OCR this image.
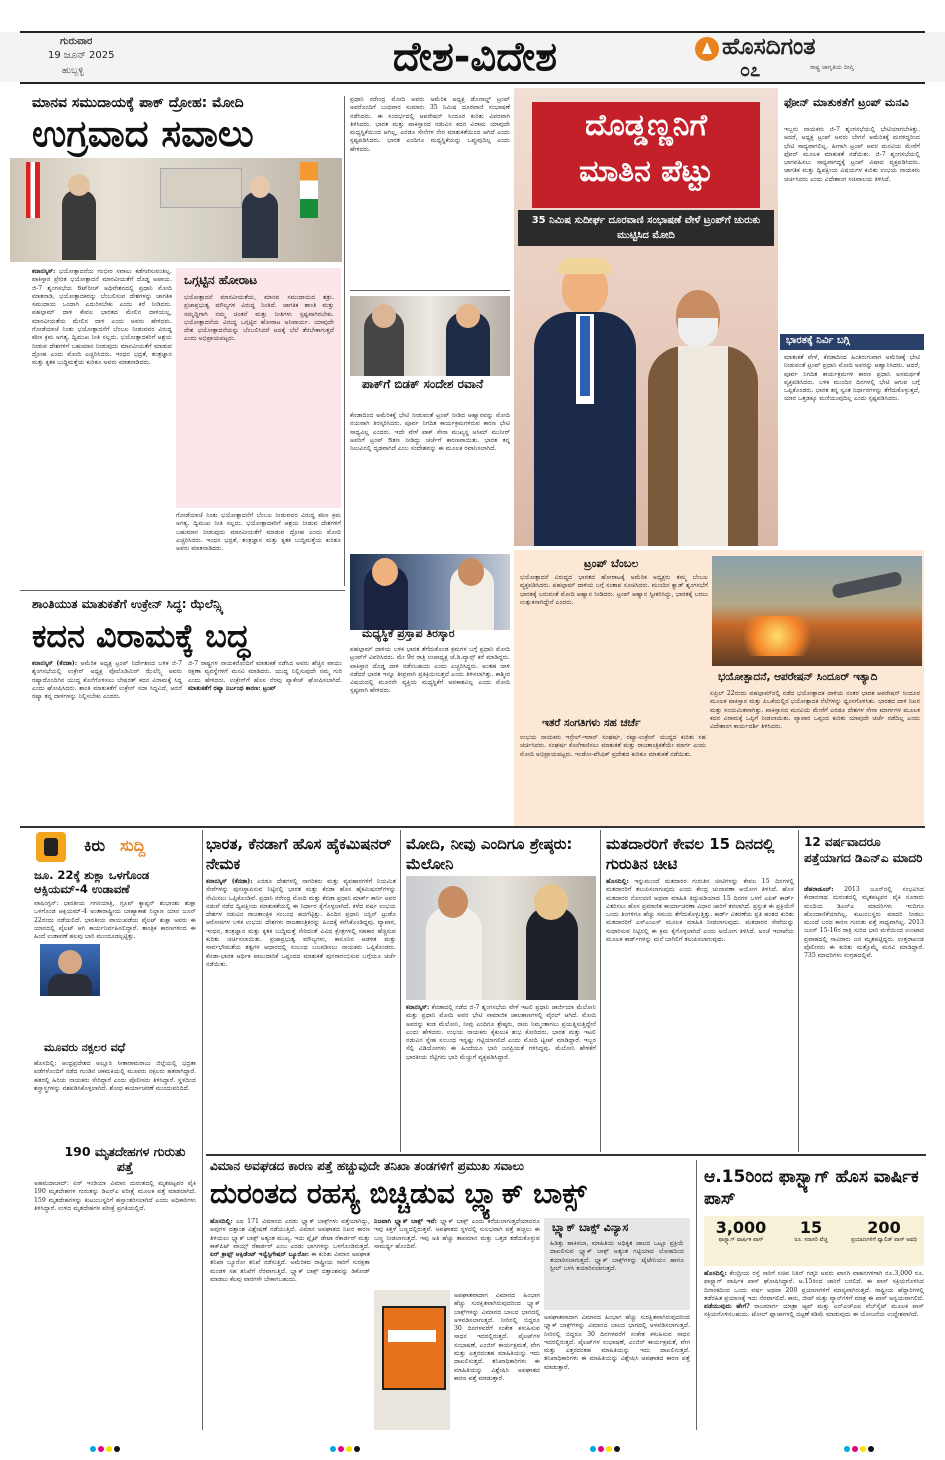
ಗುರುವಾರ
19 ಜೂನ್ 2025
ಹುಬ್ಬಳ್ಳಿ	ದೇಶ-ವಿದೇಶ	ಹೊಸದಿಗಂತ
ರಾಷ್ಟ್ರ ಜಾಗೃತಿಯ ದೀಪ್ತಿ
೦೭
ಮಾನವ ಸಮುದಾಯಕ್ಕೆ ಪಾಕ್ ದ್ರೋಹ: ಮೋದಿ
ಉಗ್ರವಾದ ಸವಾಲು
ಕನಾನಸ್ಕಿಸ್: ಭಯೋತ್ಪಾದನೆಯ ಗಂಭೀರ ಸವಾಲು ಕಡೆಗಣಿಸುವಂತಿಲ್ಲ. ಪಾಕಿಸ್ತಾನ ಪ್ರೇರಿತ ಭಯೋತ್ಪಾದನೆ ಮಾನವೀಯತೆಗೆ ದೊಡ್ಡ ಅಪಾಯ. ಜಿ-7 ಶೃಂಗಸಭೆಯ ಔಟ್‌ರೀಚ್ ಅಧಿವೇಶನದಲ್ಲಿ ಪ್ರಧಾನಿ ಮೋದಿ ಮಾತನಾಡಿ, ಭಯೋತ್ಪಾದಕರನ್ನು ಬೆಂಬಲಿಸುವ ದೇಶಗಳನ್ನು ಜಾಗತಿಕ ಸಮುದಾಯ ಒಂದಾಗಿ ಎದುರಿಸಬೇಕು ಎಂದು ಕರೆ ನೀಡಿದರು. ಪಹಲ್ಗಾಮ್ ದಾಳಿ ಕೇವಲ ಭಾರತದ ಮೇಲಿನ ದಾಳಿಯಲ್ಲ, ಮಾನವೀಯತೆಯ ಮೇಲಿನ ದಾಳಿ ಎಂದು ಅವರು ಹೇಳಿದರು. ಗೋಡೆಯಾಚೆ ನಿಂತು ಭಯೋತ್ಪಾದನೆಗೆ ಬೆಂಬಲ ನೀಡುವವರ ವಿರುದ್ಧ ಕಠಿಣ ಕ್ರಮ ಅಗತ್ಯ. ದ್ವಿಮುಖ ನೀತಿ ಸಲ್ಲದು. ಭಯೋತ್ಪಾದಕರಿಗೆ ಆಶ್ರಯ ನೀಡುವ ದೇಶಗಳಿಗೆ ಬಹುಮಾನ ನೀಡುವುದು ಮಾನವೀಯತೆಗೆ ಮಾಡುವ ದ್ರೋಹ ಎಂದು ಮೋದಿ ಎಚ್ಚರಿಸಿದರು. ಇಂಧನ ಭದ್ರತೆ, ತಂತ್ರಜ್ಞಾನ ಮತ್ತು ಕೃತಕ ಬುದ್ಧಿಮತ್ತೆಯ ಕುರಿತೂ ಅವರು ಮಾತನಾಡಿದರು.
ಒಗ್ಗಟ್ಟಿನ ಹೋರಾಟ
ಭಯೋತ್ಪಾದನೆ ಮಾನವೀಯತೆಯ, ಮಾನವ ಸಮುದಾಯದ ಶತ್ರು. ಪ್ರಜಾಪ್ರಭುತ್ವ ಮೌಲ್ಯಗಳ ವಿರುದ್ಧ ನಿಂತಿದೆ. ಜಾಗತಿಕ ಶಾಂತಿ ಮತ್ತು ಸಮೃದ್ಧಿಗಾಗಿ ನಮ್ಮ ಚಿಂತನೆ ಮತ್ತು ನೀತಿಗಳು ಸ್ಪಷ್ಟವಾಗಿರಬೇಕು. ಭಯೋತ್ಪಾದನೆಯ ವಿರುದ್ಧ ಒಗ್ಗಟ್ಟಿನ ಹೋರಾಟ ಅನಿವಾರ್ಯ. ಯಾವುದೇ ದೇಶ ಭಯೋತ್ಪಾದನೆಯನ್ನು ಬೆಂಬಲಿಸಿದರೆ ಅದಕ್ಕೆ ಬೆಲೆ ತೆರಬೇಕಾಗುತ್ತದೆ ಎಂದು ಅಭಿಪ್ರಾಯಪಟ್ಟರು.
ಗೋಡೆಯಾಚೆ ನಿಂತು ಭಯೋತ್ಪಾದನೆಗೆ ಬೆಂಬಲ ನೀಡುವವರ ವಿರುದ್ಧ ಕಠಿಣ ಕ್ರಮ ಅಗತ್ಯ. ದ್ವಿಮುಖ ನೀತಿ ಸಲ್ಲದು. ಭಯೋತ್ಪಾದಕರಿಗೆ ಆಶ್ರಯ ನೀಡುವ ದೇಶಗಳಿಗೆ ಬಹುಮಾನ ನೀಡುವುದು ಮಾನವೀಯತೆಗೆ ಮಾಡುವ ದ್ರೋಹ ಎಂದು ಮೋದಿ ಎಚ್ಚರಿಸಿದರು. ಇಂಧನ ಭದ್ರತೆ, ತಂತ್ರಜ್ಞಾನ ಮತ್ತು ಕೃತಕ ಬುದ್ಧಿಮತ್ತೆಯ ಕುರಿತೂ ಅವರು ಮಾತನಾಡಿದರು.
ಪ್ರಧಾನಿ ನರೇಂದ್ರ ಮೋದಿ ಅವರು ಅಮೆರಿಕ ಅಧ್ಯಕ್ಷ ಡೊನಾಲ್ಡ್ ಟ್ರಂಪ್ ಅವರೊಂದಿಗೆ ಬುಧವಾರ ಸುಮಾರು 35 ನಿಮಿಷ ದೂರವಾಣಿ ಸಂಭಾಷಣೆ ನಡೆಸಿದರು. ಈ ಸಂದರ್ಭದಲ್ಲಿ ಆಪರೇಷನ್ ಸಿಂದೂರ ಕುರಿತು ವಿವರವಾಗಿ ತಿಳಿಸಿದರು. ಭಾರತ ಮತ್ತು ಪಾಕಿಸ್ತಾನದ ನಡುವಿನ ಕದನ ವಿರಾಮ ಯಾವುದೇ ಮಧ್ಯಸ್ಥಿಕೆಯಿಂದ ಆಗಿಲ್ಲ, ಎರಡೂ ಸೇನೆಗಳ ನೇರ ಮಾತುಕತೆಯಿಂದ ಆಗಿದೆ ಎಂದು ಸ್ಪಷ್ಟಪಡಿಸಿದರು. ಭಾರತ ಎಂದಿಗೂ ಮಧ್ಯಸ್ಥಿಕೆಯನ್ನು ಒಪ್ಪುವುದಿಲ್ಲ ಎಂದು ಹೇಳಿದರು.
ಪಾಕ್‌ಗೆ ಬಿಡಕ್ ಸಂದೇಶ ರವಾನೆ
ಕೆನಡಾದಿಂದ ಅಮೆರಿಕಕ್ಕೆ ಭೇಟಿ ನೀಡುವಂತೆ ಟ್ರಂಪ್ ನೀಡಿದ ಆಹ್ವಾನವನ್ನು ಮೋದಿ ನಯವಾಗಿ ತಿರಸ್ಕರಿಸಿದರು. ಪೂರ್ವ ನಿಗದಿತ ಕಾರ್ಯಕ್ರಮಗಳಿರುವ ಕಾರಣ ಭೇಟಿ ಸಾಧ್ಯವಿಲ್ಲ ಎಂದರು. ಇದೇ ವೇಳೆ ಪಾಕ್ ಸೇನಾ ಮುಖ್ಯಸ್ಥ ಅಸಿಮ್ ಮುನೀರ್ ಅವರಿಗೆ ಟ್ರಂಪ್ ಔತಣ ನೀಡಿದ್ದು ಚರ್ಚೆಗೆ ಕಾರಣವಾಯಿತು. ಭಾರತ ತನ್ನ ನಿಲುವಿನಲ್ಲಿ ದೃಢವಾಗಿದೆ ಎಂಬ ಸಂದೇಶವನ್ನು ಈ ಮೂಲಕ ರವಾನಿಸಲಾಗಿದೆ.
ದೊಡ್ಡಣ್ಣನಿಗೆ
ಮಾತಿನ ಪೆಟ್ಟು
35 ನಿಮಿಷ ಸುದೀರ್ಘ ದೂರವಾಣಿ ಸಂಭಾಷಣೆ ವೇಳೆ ಟ್ರಂಪ್‌ಗೆ ಚುರುಕು ಮುಟ್ಟಿಸಿದ ಮೋದಿ
ಫೋನ್ ಮಾತುಕತೆಗೆ ಟ್ರಂಪ್ ಮನವಿ
ಇಬ್ಬರು ನಾಯಕರು ಜಿ-7 ಶೃಂಗಸಭೆಯಲ್ಲಿ ಭೇಟಿಯಾಗಬೇಕಿತ್ತು. ಆದರೆ, ಅಧ್ಯಕ್ಷ ಟ್ರಂಪ್ ಅವರು ಬೇಗನೆ ಅಮೆರಿಕಕ್ಕೆ ಮರಳಿದ್ದರಿಂದ ಭೇಟಿ ಸಾಧ್ಯವಾಗಲಿಲ್ಲ. ಹೀಗಾಗಿ ಟ್ರಂಪ್ ಅವರ ಮನವಿಯ ಮೇರೆಗೆ ಫೋನ್ ಮೂಲಕ ಮಾತುಕತೆ ನಡೆಯಿತು. ಜಿ-7 ಶೃಂಗಸಭೆಯಲ್ಲಿ ಭಾಗವಹಿಸಲು ಸಾಧ್ಯವಾಗದ್ದಕ್ಕೆ ಟ್ರಂಪ್ ವಿಷಾದ ವ್ಯಕ್ತಪಡಿಸಿದರು. ಜಾಗತಿಕ ಮತ್ತು ದ್ವಿಪಕ್ಷೀಯ ವಿಷಯಗಳ ಕುರಿತು ಉಭಯ ನಾಯಕರು ಚರ್ಚಿಸಿದರು ಎಂದು ವಿದೇಶಾಂಗ ಸಚಿವಾಲಯ ತಿಳಿಸಿದೆ.
ಭಾರತಕ್ಕೆ ನಿರ್ವಿ ಬಗ್ಗಿ
ಮಾತುಕತೆ ವೇಳೆ, ಕೆನಡಾದಿಂದ ಹಿಂತಿರುಗುವಾಗ ಅಮೆರಿಕಕ್ಕೆ ಭೇಟಿ ನೀಡುವಂತೆ ಟ್ರಂಪ್ ಪ್ರಧಾನಿ ಮೋದಿ ಅವರನ್ನು ಆಹ್ವಾನಿಸಿದರು. ಆದರೆ, ಪೂರ್ವ ನಿಗದಿತ ಕಾರ್ಯಕ್ರಮಗಳ ಕಾರಣ ಪ್ರಧಾನಿ ಅಸಮರ್ಥತೆ ವ್ಯಕ್ತಪಡಿಸಿದರು. ಬಳಿಕ ಮುಂದಿನ ದಿನಗಳಲ್ಲಿ ಭೇಟಿ ಆಗುವ ಬಗ್ಗೆ ಒಪ್ಪಿಕೊಂಡರು. ಭಾರತ ತನ್ನ ಸ್ವಂತ ನಿರ್ಧಾರಗಳನ್ನು ತೆಗೆದುಕೊಳ್ಳುತ್ತದೆ, ಯಾರ ಒತ್ತಡಕ್ಕೂ ಮಣಿಯುವುದಿಲ್ಲ ಎಂದು ಸ್ಪಷ್ಟಪಡಿಸಿದರು.
ಮಧ್ಯಸ್ಥಿಕೆ ಪ್ರಸ್ತಾಪ ತಿರಸ್ಕಾರ
ಪಹಲ್ಗಾಮ್ ದಾಳಿಯ ಬಳಿಕ ಭಾರತ ತೆಗೆದುಕೊಂಡ ಕ್ರಮಗಳ ಬಗ್ಗೆ ಪ್ರಧಾನಿ ಮೋದಿ ಟ್ರಂಪ್‌ಗೆ ವಿವರಿಸಿದರು. ಮೇ 9ರ ರಾತ್ರಿ ಉಪಾಧ್ಯಕ್ಷ ಜೆ.ಡಿ.ವ್ಯಾನ್ಸ್ ಕರೆ ಮಾಡಿದ್ದರು. ಪಾಕಿಸ್ತಾನ ದೊಡ್ಡ ದಾಳಿ ನಡೆಸಬಹುದು ಎಂದು ಎಚ್ಚರಿಸಿದ್ದರು. ಅಂತಹ ದಾಳಿ ನಡೆದರೆ ಭಾರತ ಇನ್ನೂ ತೀವ್ರವಾಗಿ ಪ್ರತಿಕ್ರಿಯಿಸುತ್ತದೆ ಎಂದು ತಿಳಿಸಲಾಗಿತ್ತು. ಕಾಶ್ಮೀರ ವಿಷಯದಲ್ಲಿ ಮೂರನೇ ವ್ಯಕ್ತಿಯ ಮಧ್ಯಸ್ಥಿಕೆಗೆ ಅವಕಾಶವಿಲ್ಲ ಎಂದು ಮೋದಿ ಸ್ಪಷ್ಟವಾಗಿ ಹೇಳಿದರು.
ಟ್ರಂಪ್ ಬೆಂಬಲ
ಭಯೋತ್ಪಾದನೆ ವಿರುದ್ಧದ ಭಾರತದ ಹೋರಾಟಕ್ಕೆ ಅಮೆರಿಕ ಅಧ್ಯಕ್ಷರು ತಮ್ಮ ಬೆಂಬಲ ವ್ಯಕ್ತಪಡಿಸಿದರು. ಪಹಲ್ಗಾಮ್ ದಾಳಿಯ ಬಗ್ಗೆ ಸಂತಾಪ ಸೂಚಿಸಿದರು. ಮುಂದಿನ ಕ್ವಾಡ್ ಶೃಂಗಸಭೆಗೆ ಭಾರತಕ್ಕೆ ಬರುವಂತೆ ಮೋದಿ ಆಹ್ವಾನ ನೀಡಿದರು. ಟ್ರಂಪ್ ಆಹ್ವಾನ ಸ್ವೀಕರಿಸಿದ್ದು, ಭಾರತಕ್ಕೆ ಬರಲು ಉತ್ಸುಕನಾಗಿದ್ದೇನೆ ಎಂದರು.
ಭಯೋತ್ಪಾದನೆ, ಆಪರೇಷನ್ ಸಿಂದೂರ್ ಇತ್ಯಾದಿ
ಏಪ್ರಿಲ್ 22ರಂದು ಪಹಲ್ಗಾಮ್‌ನಲ್ಲಿ ನಡೆದ ಭಯೋತ್ಪಾದಕ ದಾಳಿಯ ನಂತರ ಭಾರತ ಆಪರೇಷನ್ ಸಿಂದೂರ ಮೂಲಕ ಪಾಕಿಸ್ತಾನ ಮತ್ತು ಪಿಒಕೆಯಲ್ಲಿನ ಭಯೋತ್ಪಾದಕ ನೆಲೆಗಳನ್ನು ಧ್ವಂಸಗೊಳಿಸಿತು. ಭಾರತದ ದಾಳಿ ನಿಖರ ಮತ್ತು ಸಂಯಮಿತವಾಗಿತ್ತು. ಪಾಕಿಸ್ತಾನದ ಮನವಿಯ ಮೇರೆಗೆ ಎರಡೂ ದೇಶಗಳ ಸೇನಾ ಮಾರ್ಗಗಳ ಮೂಲಕ ಕದನ ವಿರಾಮಕ್ಕೆ ಒಪ್ಪಿಗೆ ನೀಡಲಾಯಿತು. ವ್ಯಾಪಾರ ಒಪ್ಪಂದ ಕುರಿತು ಯಾವುದೇ ಚರ್ಚೆ ನಡೆದಿಲ್ಲ ಎಂದು ವಿದೇಶಾಂಗ ಕಾರ್ಯದರ್ಶಿ ತಿಳಿಸಿದರು.
ಇತರೆ ಸಂಗತಿಗಳು ಸಹ ಚರ್ಚೆ
ಉಭಯ ನಾಯಕರು ಇಸ್ರೇಲ್-ಇರಾನ್ ಸಂಘರ್ಷ, ರಷ್ಯಾ-ಉಕ್ರೇನ್ ಯುದ್ಧದ ಕುರಿತು ಸಹ ಚರ್ಚಿಸಿದರು. ಸಂಘರ್ಷ ಕೊನೆಗಾಣಿಸಲು ಮಾತುಕತೆ ಮತ್ತು ರಾಜತಾಂತ್ರಿಕತೆಯೇ ಮಾರ್ಗ ಎಂದು ಮೋದಿ ಅಭಿಪ್ರಾಯಪಟ್ಟರು. ಇಂಡೋ-ಪೆಸಿಫಿಕ್ ಪ್ರದೇಶದ ಕುರಿತೂ ಮಾತುಕತೆ ನಡೆಯಿತು.
ಶಾಂತಿಯುತ ಮಾತುಕತೆಗೆ ಉಕ್ರೇನ್ ಸಿದ್ಧ: ಝೆಲೆನ್ಸ್ಕಿ
ಕದನ ವಿರಾಮಕ್ಕೆ ಬದ್ಧ
ಕನಾನಸ್ಕಿಸ್ (ಕೆನಡಾ): ಅಮೆರಿಕ ಅಧ್ಯಕ್ಷ ಟ್ರಂಪ್ ನಿರ್ದೇಶನದ ಬಳಿಕ ಜಿ-7 ಶೃಂಗಸಭೆಯಲ್ಲಿ ಉಕ್ರೇನ್ ಅಧ್ಯಕ್ಷ ವೊಲೊಡಿಮಿರ್ ಝೆಲೆನ್ಸ್ಕಿ ಅವರು ರಷ್ಯಾದೊಂದಿಗಿನ ಯುದ್ಧ ಕೊನೆಗೊಳಿಸಲು ಬೇಷರತ್ ಕದನ ವಿರಾಮಕ್ಕೆ ಸಿದ್ಧ ಎಂದು ಘೋಷಿಸಿದರು. ಶಾಂತಿ ಮಾತುಕತೆಗೆ ಉಕ್ರೇನ್ ಸದಾ ಸಿದ್ಧವಿದೆ, ಆದರೆ ರಷ್ಯಾ ತನ್ನ ದಾಳಿಗಳನ್ನು ನಿಲ್ಲಿಸಬೇಕು ಎಂದರು.
ಜಿ-7 ರಾಷ್ಟ್ರಗಳ ನಾಯಕರೊಂದಿಗೆ ಮಾತುಕತೆ ನಡೆಸಿದ ಅವರು ಹೆಚ್ಚಿನ ವಾಯು ರಕ್ಷಣಾ ವ್ಯವಸ್ಥೆಗಳಿಗೆ ಮನವಿ ಮಾಡಿದರು. ಯುದ್ಧ ನಿಲ್ಲಿಸುವುದೇ ನಮ್ಮ ಗುರಿ ಎಂದು ಹೇಳಿದರು. ಉಕ್ರೇನ್‌ಗೆ ಹೊಸ ನೆರವು ಪ್ಯಾಕೇಜ್ ಘೋಷಿಸಲಾಗಿದೆ. ಮಾತುಕತೆಗೆ ರಷ್ಯಾ ನಿರ್ಬಂಧ ಕಾರಣ: ಟ್ರಂಪ್
ಕಿರು ಸುದ್ದಿ
ಜೂ. 22ಕ್ಕೆ ಶುಕ್ಲಾ ಒಳಗೊಂಡ ಆಕ್ಸಿಯಮ್-4 ಉಡಾವಣೆ
ವಾಷಿಂಗ್ಟನ್: ಭಾರತೀಯ ಗಗನಯಾತ್ರಿ, ಗ್ರೂಪ್ ಕ್ಯಾಪ್ಟನ್ ಶುಭಾಂಶು ಶುಕ್ಲಾ ಒಳಗೊಂಡ ಆಕ್ಸಿಯಮ್-4 ಅಂತಾರಾಷ್ಟ್ರೀಯ ಬಾಹ್ಯಾಕಾಶ ನಿಲ್ದಾಣ ಯಾನ ಜೂನ್ 22ರಂದು ನಡೆಯಲಿದೆ. ಭಾರತೀಯ ವಾಯುಪಡೆಯ ಪೈಲಟ್ ಶುಕ್ಲಾ ಅವರು ಈ ಯಾನದಲ್ಲಿ ಪೈಲಟ್ ಆಗಿ ಕಾರ್ಯನಿರ್ವಹಿಸಲಿದ್ದಾರೆ. ತಾಂತ್ರಿಕ ಕಾರಣಗಳಿಂದ ಈ ಹಿಂದೆ ಉಡಾವಣೆ ಹಲವು ಬಾರಿ ಮುಂದೂಡಲ್ಪಟ್ಟಿತ್ತು.
ಮೂವರು ನಕ್ಸಲರ ವಧೆ
ಹೊಸದಿಲ್ಲಿ: ಆಂಧ್ರಪ್ರದೇಶದ ಅಲ್ಲೂರಿ ಸೀತಾರಾಮರಾಜು ಜಿಲ್ಲೆಯಲ್ಲಿ ಭದ್ರತಾ ಪಡೆಗಳೊಂದಿಗೆ ನಡೆದ ಗುಂಡಿನ ಚಕಮಕಿಯಲ್ಲಿ ಮೂವರು ನಕ್ಸಲರು ಹತರಾಗಿದ್ದಾರೆ. ಹತರಲ್ಲಿ ಹಿರಿಯ ನಾಯಕರು ಸೇರಿದ್ದಾರೆ ಎಂದು ಪೊಲೀಸರು ತಿಳಿಸಿದ್ದಾರೆ. ಸ್ಥಳದಿಂದ ಶಸ್ತ್ರಾಸ್ತ್ರಗಳನ್ನು ವಶಪಡಿಸಿಕೊಳ್ಳಲಾಗಿದೆ. ಶೋಧ ಕಾರ್ಯಾಚರಣೆ ಮುಂದುವರಿದಿದೆ.
190 ಮೃತದೇಹಗಳ ಗುರುತು ಪತ್ತೆ
ಅಹಮದಾಬಾದ್: ಏರ್ ಇಂಡಿಯಾ ವಿಮಾನ ದುರಂತದಲ್ಲಿ ಮೃತಪಟ್ಟವರ ಪೈಕಿ 190 ಮೃತದೇಹಗಳ ಗುರುತನ್ನು ಡಿಎನ್‌ಎ ಪರೀಕ್ಷೆ ಮೂಲಕ ಪತ್ತೆ ಮಾಡಲಾಗಿದೆ. 159 ಮೃತದೇಹಗಳನ್ನು ಕುಟುಂಬಸ್ಥರಿಗೆ ಹಸ್ತಾಂತರಿಸಲಾಗಿದೆ ಎಂದು ಅಧಿಕಾರಿಗಳು ತಿಳಿಸಿದ್ದಾರೆ. ಉಳಿದ ಮೃತದೇಹಗಳ ಪರೀಕ್ಷೆ ಪ್ರಗತಿಯಲ್ಲಿದೆ.
ಭಾರತ, ಕೆನಡಾಗೆ ಹೊಸ ಹೈಕಮಿಷನರ್ ನೇಮಕ
ಕನಾನಸ್ಕಿಸ್ (ಕೆನಡಾ): ಎರಡೂ ದೇಶಗಳಲ್ಲಿ ನಾಗರಿಕರು ಮತ್ತು ವ್ಯವಹಾರಗಳಿಗೆ ನಿಯಮಿತ ಸೇವೆಗಳನ್ನು ಪುನಃಸ್ಥಾಪಿಸುವ ನಿಟ್ಟಿನಲ್ಲಿ ಭಾರತ ಮತ್ತು ಕೆನಡಾ ಹೊಸ ಹೈಕಮಿಷನರ್‌ಗಳನ್ನು ನೇಮಿಸಲು ಒಪ್ಪಿಕೊಂಡಿವೆ. ಪ್ರಧಾನಿ ನರೇಂದ್ರ ಮೋದಿ ಮತ್ತು ಕೆನಡಾ ಪ್ರಧಾನಿ ಮಾರ್ಕ್ ಕಾರ್ನಿ ಅವರ ನಡುವೆ ನಡೆದ ದ್ವಿಪಕ್ಷೀಯ ಮಾತುಕತೆಯಲ್ಲಿ ಈ ನಿರ್ಧಾರ ಕೈಗೊಳ್ಳಲಾಗಿದೆ. ಕಳೆದ ವರ್ಷ ಉಭಯ ದೇಶಗಳ ನಡುವಿನ ರಾಜತಾಂತ್ರಿಕ ಸಂಬಂಧ ಹದಗೆಟ್ಟಿತ್ತು. ಹಿಂದಿನ ಪ್ರಧಾನಿ ಜಸ್ಟಿನ್ ಟ್ರುಡೊ ಆರೋಪಗಳ ಬಳಿಕ ಉಭಯ ದೇಶಗಳು ರಾಜತಾಂತ್ರಿಕರನ್ನು ಹಿಂದಕ್ಕೆ ಕರೆಸಿಕೊಂಡಿದ್ದವು. ವ್ಯಾಪಾರ, ಇಂಧನ, ತಂತ್ರಜ್ಞಾನ ಮತ್ತು ಕೃತಕ ಬುದ್ಧಿಮತ್ತೆ ಸೇರಿದಂತೆ ವಿವಿಧ ಕ್ಷೇತ್ರಗಳಲ್ಲಿ ಸಹಕಾರ ಹೆಚ್ಚಿಸುವ ಕುರಿತು ಚರ್ಚಿಸಲಾಯಿತು. ಪ್ರಜಾಪ್ರಭುತ್ವ ಮೌಲ್ಯಗಳು, ಕಾನೂನಿನ ಆಡಳಿತ ಮತ್ತು ಸಾರ್ವಭೌಮತೆಯ ತತ್ವಗಳ ಆಧಾರದಲ್ಲಿ ಸಂಬಂಧ ಬಲಪಡಿಸಲು ನಾಯಕರು ಒಪ್ಪಿಕೊಂಡರು. ಕೆನಡಾ-ಭಾರತ ಆರ್ಥಿಕ ಪಾಲುದಾರಿಕೆ ಒಪ್ಪಂದದ ಮಾತುಕತೆ ಪುನರಾರಂಭಿಸುವ ಬಗ್ಗೆಯೂ ಚರ್ಚೆ ನಡೆಯಿತು.
ಮೋದಿ, ನೀವು ಎಂದಿಗೂ ಶ್ರೇಷ್ಠರು: ಮೆಲೋನಿ
ಕನಾನಸ್ಕಿಸ್: ಕೆನಡಾದಲ್ಲಿ ನಡೆದ ಜಿ-7 ಶೃಂಗಸಭೆಯ ವೇಳೆ ಇಟಲಿ ಪ್ರಧಾನಿ ಜಾರ್ಜಿಯಾ ಮೆಲೋನಿ ಮತ್ತು ಪ್ರಧಾನಿ ಮೋದಿ ಅವರ ಭೇಟಿ ಸಾಮಾಜಿಕ ಜಾಲತಾಣಗಳಲ್ಲಿ ವೈರಲ್ ಆಗಿದೆ. ಮೋದಿ ಅವರನ್ನು ಕಂಡ ಮೆಲೋನಿ, ನೀವು ಎಂದಿಗೂ ಶ್ರೇಷ್ಠರು, ನಾನು ನಿಮ್ಮಂತಾಗಲು ಪ್ರಯತ್ನಿಸುತ್ತಿದ್ದೇನೆ ಎಂದು ಹೇಳಿದರು. ಉಭಯ ನಾಯಕರು ಕೈಕುಲುಕಿ ಶುಭ ಕೋರಿದರು. ಭಾರತ ಮತ್ತು ಇಟಲಿ ನಡುವಿನ ಸ್ನೇಹ ಸಂಬಂಧ ಇನ್ನಷ್ಟು ಗಟ್ಟಿಯಾಗಲಿದೆ ಎಂದು ಮೋದಿ ಟ್ವೀಟ್ ಮಾಡಿದ್ದಾರೆ. ಇಬ್ಬರ ಸೆಲ್ಫಿ ವಿಡಿಯೋಗಳು ಈ ಹಿಂದೆಯೂ ಭಾರಿ ಜನಪ್ರಿಯತೆ ಗಳಿಸಿದ್ದವು. ಮೆಲೋನಿ ಹೇಳಿಕೆಗೆ ಭಾರತೀಯ ನೆಟ್ಟಿಗರು ಭಾರಿ ಮೆಚ್ಚುಗೆ ವ್ಯಕ್ತಪಡಿಸಿದ್ದಾರೆ.
ಮತದಾರರಿಗೆ ಕೇವಲ 15 ದಿನದಲ್ಲಿ ಗುರುತಿನ ಚೀಟಿ
ಹೊಸದಿಲ್ಲಿ: ಇನ್ನುಮುಂದೆ ಮತದಾರರ ಗುರುತಿನ ಚೀಟಿಗಳನ್ನು ಕೇವಲ 15 ದಿನಗಳಲ್ಲಿ ಮತದಾರರಿಗೆ ತಲುಪಿಸಲಾಗುವುದು ಎಂದು ಕೇಂದ್ರ ಚುನಾವಣಾ ಆಯೋಗ ತಿಳಿಸಿದೆ. ಹೊಸ ಮತದಾರರ ನೋಂದಣಿ ಅಥವಾ ಮಾಹಿತಿ ತಿದ್ದುಪಡಿಯಾದ 15 ದಿನಗಳ ಒಳಗೆ ಎಪಿಕ್ ಕಾರ್ಡ್ ವಿತರಿಸಲು ಹೊಸ ಪ್ರಮಾಣಿತ ಕಾರ್ಯಾಚರಣಾ ವಿಧಾನ ಜಾರಿಗೆ ತರಲಾಗಿದೆ. ಪ್ರಸ್ತುತ ಈ ಪ್ರಕ್ರಿಯೆಗೆ ಒಂದು ತಿಂಗಳಿಗೂ ಹೆಚ್ಚು ಸಮಯ ತೆಗೆದುಕೊಳ್ಳುತ್ತಿತ್ತು. ಕಾರ್ಡ್ ವಿತರಣೆಯ ಪ್ರತಿ ಹಂತದ ಕುರಿತು ಮತದಾರರಿಗೆ ಎಸ್‌ಎಂಎಸ್ ಮೂಲಕ ಮಾಹಿತಿ ನೀಡಲಾಗುವುದು. ಮತದಾರರ ಸೇವೆಯನ್ನು ಸುಧಾರಿಸುವ ನಿಟ್ಟಿನಲ್ಲಿ ಈ ಕ್ರಮ ಕೈಗೊಳ್ಳಲಾಗಿದೆ ಎಂದು ಆಯೋಗ ತಿಳಿಸಿದೆ. ಅಂಚೆ ಇಲಾಖೆಯ ಮೂಲಕ ಕಾರ್ಡ್‌ಗಳನ್ನು ಮನೆ ಬಾಗಿಲಿಗೆ ತಲುಪಿಸಲಾಗುವುದು.
12 ವರ್ಷವಾದರೂ ಪತ್ತೆಯಾಗದ ಡಿಎನ್‌ಎ ಮಾದರಿ
ಡೆಹರಾಡೂನ್: 2013 ಜೂನ್‌ನಲ್ಲಿ ಸಂಭವಿಸಿದ ಕೇದಾರನಾಥ ದುರಂತದಲ್ಲಿ ಮೃತಪಟ್ಟವರ ಪೈಕಿ ನೂರಾರು ಮಂದಿಯ ಡಿಎನ್‌ಎ ಮಾದರಿಗಳು ಇಂದಿಗೂ ಹೊಂದಾಣಿಕೆಯಾಗಿಲ್ಲ. ಕುಟುಂಬಸ್ಥರು ಮಾದರಿ ನೀಡಲು ಮುಂದೆ ಬರದ ಕಾರಣ ಗುರುತು ಪತ್ತೆ ಸಾಧ್ಯವಾಗಿಲ್ಲ. 2013 ಜೂನ್ 15-16ರ ರಾತ್ರಿ ಸುರಿದ ಭಾರಿ ಮಳೆಯಿಂದ ಉಂಟಾದ ಪ್ರವಾಹದಲ್ಲಿ ಸಾವಿರಾರು ಜನ ಮೃತಪಟ್ಟಿದ್ದರು. ಉತ್ತರಾಖಂಡ ಪೊಲೀಸರು ಈ ಕುರಿತು ಮತ್ತೊಮ್ಮೆ ಮನವಿ ಮಾಡಿದ್ದಾರೆ. 735 ಮಾದರಿಗಳು ಸಂಗ್ರಹದಲ್ಲಿವೆ.
ವಿಮಾನ ಅವಘಡದ ಕಾರಣ ಪತ್ತೆ ಹಚ್ಚುವುದೇ ತನಿಖಾ ತಂಡಗಳಿಗೆ ಪ್ರಮುಖ ಸವಾಲು
ದುರಂತದ ರಹಸ್ಯ ಬಿಚ್ಚಿಡುವ ಬ್ಲ್ಯಾಕ್ ಬಾಕ್ಸ್
ಹೊಸದಿಲ್ಲಿ: ಎಐ 171 ವಿಮಾನದ ಎರಡು ಬ್ಲ್ಯಾಕ್ ಬಾಕ್ಸ್‌ಗಳು ಪತ್ತೆಯಾಗಿದ್ದು, ಅವುಗಳ ದತ್ತಾಂಶ ವಿಶ್ಲೇಷಣೆ ನಡೆಯುತ್ತಿದೆ. ವಿಮಾನ ಅಪಘಾತದ ನಿಖರ ಕಾರಣ ತಿಳಿಯಲು ಬ್ಲ್ಯಾಕ್ ಬಾಕ್ಸ್ ಅತ್ಯಂತ ಮುಖ್ಯ. ಇದು ಫ್ಲೈಟ್ ಡೇಟಾ ರೆಕಾರ್ಡರ್ ಮತ್ತು ಕಾಕ್‌ಪಿಟ್ ವಾಯ್ಸ್ ರೆಕಾರ್ಡರ್ ಎಂಬ ಎರಡು ಭಾಗಗಳನ್ನು ಒಳಗೊಂಡಿರುತ್ತದೆ. ಏರ್ ಕ್ರಾಫ್ಟ್ ಆಕ್ಸಿಡೆಂಟ್ ಇನ್ವೆಸ್ಟಿಗೇಷನ್ ಬ್ಯೂರೋ: ಈ ಕುರಿತು ವಿಮಾನ ಅಪಘಾತ ತನಿಖಾ ಬ್ಯೂರೋ ತನಿಖೆ ನಡೆಸುತ್ತಿದೆ. ಅಮೆರಿಕದ ರಾಷ್ಟ್ರೀಯ ಸಾರಿಗೆ ಸುರಕ್ಷತಾ ಮಂಡಳಿ ಸಹ ತನಿಖೆಗೆ ನೆರವಾಗುತ್ತಿದೆ. ಬ್ಲ್ಯಾಕ್ ಬಾಕ್ಸ್ ದತ್ತಾಂಶವನ್ನು ಡಿಕೋಡ್ ಮಾಡಲು ಕೆಲವು ವಾರಗಳೇ ಬೇಕಾಗಬಹುದು.
ನಿಜವಾಗಿ ಬ್ಲ್ಯಾಕ್ ಬಾಕ್ಸ್ ಇವೆ: ಬ್ಲ್ಯಾಕ್ ಬಾಕ್ಸ್ ಎಂದು ಕರೆಯಲಾಗುತ್ತದೆಯಾದರೂ ಇವು ಕಿತ್ತಳೆ ಬಣ್ಣದಲ್ಲಿರುತ್ತವೆ. ಅಪಘಾತದ ಸ್ಥಳದಲ್ಲಿ ಸುಲಭವಾಗಿ ಪತ್ತೆ ಹಚ್ಚಲು ಈ ಬಣ್ಣ ನೀಡಲಾಗುತ್ತದೆ. ಇವು ಅತಿ ಹೆಚ್ಚು ತಾಪಮಾನ ಮತ್ತು ಒತ್ತಡ ತಡೆದುಕೊಳ್ಳುವ ಸಾಮರ್ಥ್ಯ ಹೊಂದಿವೆ.
ಅಪಘಾತವಾದಾಗ ವಿಮಾನದ ಹಿಂಭಾಗ ಹೆಚ್ಚು ಸುರಕ್ಷಿತವಾಗಿರುವುದರಿಂದ ಬ್ಲ್ಯಾಕ್ ಬಾಕ್ಸ್‌ಗಳನ್ನು ವಿಮಾನದ ಬಾಲದ ಭಾಗದಲ್ಲಿ ಅಳವಡಿಸಲಾಗುತ್ತದೆ. ನೀರಿನಲ್ಲಿ ಬಿದ್ದರೂ 30 ದಿನಗಳವರೆಗೆ ಸಂಕೇತ ಕಳುಹಿಸುವ ಸಾಧನ ಇದರಲ್ಲಿರುತ್ತದೆ. ಪೈಲಟ್‌ಗಳ ಸಂಭಾಷಣೆ, ಎಂಜಿನ್ ಕಾರ್ಯಕ್ಷಮತೆ, ವೇಗ ಮತ್ತು ಎತ್ತರದಂತಹ ಮಾಹಿತಿಯನ್ನು ಇದು ದಾಖಲಿಸುತ್ತದೆ. ತನಿಖಾಧಿಕಾರಿಗಳು ಈ ಮಾಹಿತಿಯನ್ನು ವಿಶ್ಲೇಷಿಸಿ ಅಪಘಾತದ ಕಾರಣ ಪತ್ತೆ ಮಾಡುತ್ತಾರೆ.
ಬ್ಲ್ಯಾಕ್ ಬಾಕ್ಸ್ ವಿನ್ಯಾಸ
ಹಿಡಿತ್ತು ಹಾಕಿಸಬಾ, ಮಾಹಿತಿಯ ಅಧಿಕೃತ ಜಾಲದ ಒಟ್ಟೂ ಪ್ರಕ್ರಿಯೆ ದಾಖಲಿಸುವ ಬ್ಲ್ಯಾಕ್ ಬಾಕ್ಸ್ ಅತ್ಯಂತ ಗಟ್ಟಿಯಾದ ಲೋಹದಿಂದ ತಯಾರಿಸಲಾಗುತ್ತದೆ. ಬ್ಲ್ಯಾಕ್ ಬಾಕ್ಸ್‌ಗಳನ್ನು ಟೈಟೇನಿಯಂ ಹಾಗೂ ಸ್ಟೀಲ್ ಬಳಸಿ ತಯಾರಿಸಲಾಗುತ್ತದೆ.
ಅಪಘಾತವಾದಾಗ ವಿಮಾನದ ಹಿಂಭಾಗ ಹೆಚ್ಚು ಸುರಕ್ಷಿತವಾಗಿರುವುದರಿಂದ ಬ್ಲ್ಯಾಕ್ ಬಾಕ್ಸ್‌ಗಳನ್ನು ವಿಮಾನದ ಬಾಲದ ಭಾಗದಲ್ಲಿ ಅಳವಡಿಸಲಾಗುತ್ತದೆ. ನೀರಿನಲ್ಲಿ ಬಿದ್ದರೂ 30 ದಿನಗಳವರೆಗೆ ಸಂಕೇತ ಕಳುಹಿಸುವ ಸಾಧನ ಇದರಲ್ಲಿರುತ್ತದೆ. ಪೈಲಟ್‌ಗಳ ಸಂಭಾಷಣೆ, ಎಂಜಿನ್ ಕಾರ್ಯಕ್ಷಮತೆ, ವೇಗ ಮತ್ತು ಎತ್ತರದಂತಹ ಮಾಹಿತಿಯನ್ನು ಇದು ದಾಖಲಿಸುತ್ತದೆ. ತನಿಖಾಧಿಕಾರಿಗಳು ಈ ಮಾಹಿತಿಯನ್ನು ವಿಶ್ಲೇಷಿಸಿ ಅಪಘಾತದ ಕಾರಣ ಪತ್ತೆ ಮಾಡುತ್ತಾರೆ.
ಆ.15ರಿಂದ ಫಾಸ್ಟ್ಯಾಗ್ ಹೊಸ ವಾರ್ಷಿಕ ಪಾಸ್
3,000
ಫಾಸ್ಟ್ಯಾಗ್ ವಾರ್ಷಿಕ ಪಾಸ್
15
ರೂ. ಸರಾಸರಿ ವೆಚ್ಚ
200
ಪ್ರಯಾಣಗಳಿಗೆ ವ್ಯಾಲಿಡ್ ಪಾಸ್ ಅವಧಿ
ಹೊಸದಿಲ್ಲಿ: ಕೇಂದ್ರೀಯ ರಸ್ತೆ ಸಾರಿಗೆ ಸಚಿವ ನಿತಿನ್ ಗಡ್ಕರಿ ಅವರು ಖಾಸಗಿ ವಾಹನಗಳಿಗಾಗಿ ರೂ.3,000 ರೂ. ಫಾಸ್ಟ್ಯಾಗ್ ವಾರ್ಷಿಕ ಪಾಸ್ ಘೋಷಿಸಿದ್ದಾರೆ. ಆ.15ರಿಂದ ಜಾರಿಗೆ ಬರಲಿದೆ. ಈ ಪಾಸ್ ಸಕ್ರಿಯಗೊಳಿಸಿದ ದಿನಾಂಕದಿಂದ ಒಂದು ವರ್ಷ ಅಥವಾ 200 ಪ್ರಯಾಣಗಳಿಗೆ ಮಾನ್ಯವಾಗಿರುತ್ತದೆ. ರಾಷ್ಟ್ರೀಯ ಹೆದ್ದಾರಿಗಳಲ್ಲಿ ತಡೆರಹಿತ ಪ್ರಯಾಣಕ್ಕೆ ಇದು ನೆರವಾಗಲಿದೆ. ಕಾರು, ಜೀಪ್ ಮತ್ತು ವ್ಯಾನ್‌ಗಳಿಗೆ ಮಾತ್ರ ಈ ಪಾಸ್ ಅನ್ವಯವಾಗಲಿದೆ. ಪಡೆಯುವುದು ಹೇಗೆ? ರಾಜಮಾರ್ಗ ಯಾತ್ರಾ ಆ್ಯಪ್ ಮತ್ತು ಎನ್‌ಎಚ್‌ಎಐ ವೆಬ್‌ಸೈಟ್ ಮೂಲಕ ಪಾಸ್ ಸಕ್ರಿಯಗೊಳಿಸಬಹುದು. ಟೋಲ್ ಪ್ಲಾಜಾಗಳಲ್ಲಿ ದಟ್ಟಣೆ ಕಡಿಮೆ ಮಾಡುವುದು ಈ ಯೋಜನೆಯ ಉದ್ದೇಶವಾಗಿದೆ.
